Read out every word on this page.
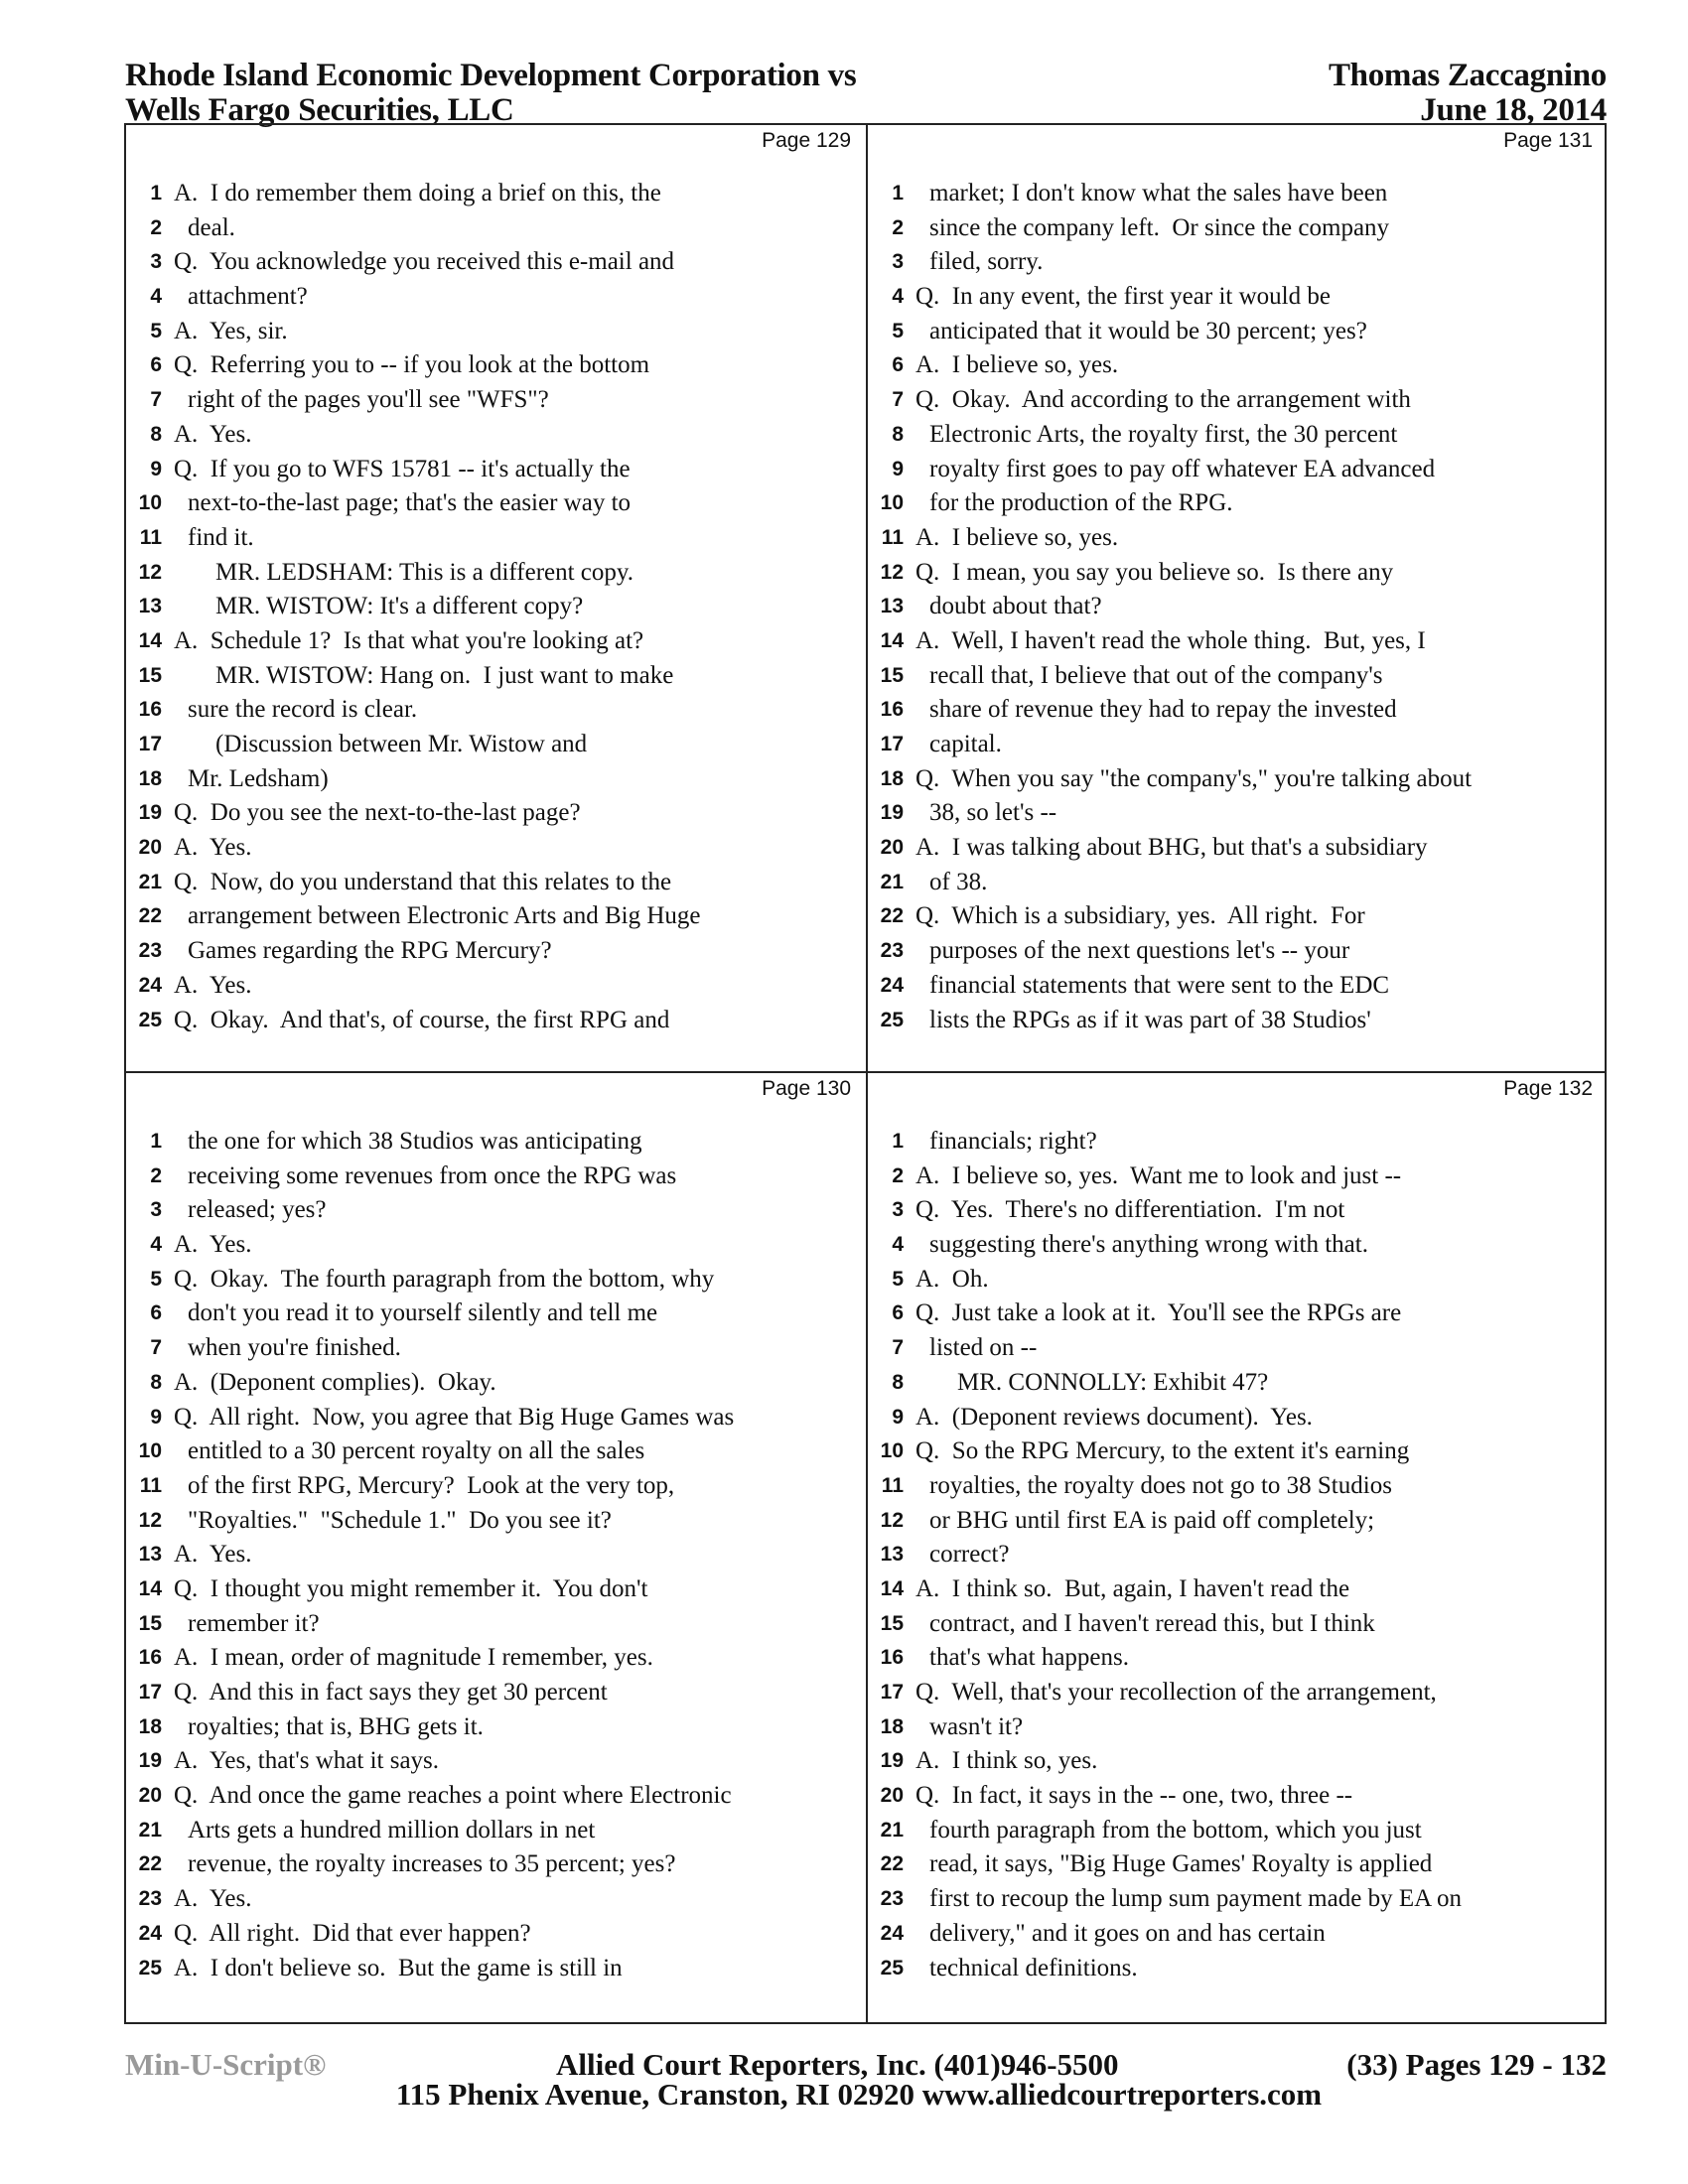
Rhode Island Economic Development Corporation vs
Wells Fargo Securities, LLC
Thomas Zaccagnino
June 18, 2014
Page 129
1 A.  I do remember them doing a brief on this, the
2 deal.
3 Q.  You acknowledge you received this e-mail and
4 attachment?
5 A.  Yes, sir.
6 Q.  Referring you to -- if you look at the bottom
7 right of the pages you'll see "WFS"?
8 A.  Yes.
9 Q.  If you go to WFS 15781 -- it's actually the
10 next-to-the-last page; that's the easier way to
11 find it.
12 MR. LEDSHAM: This is a different copy.
13 MR. WISTOW: It's a different copy?
14 A.  Schedule 1?  Is that what you're looking at?
15 MR. WISTOW: Hang on.  I just want to make
16 sure the record is clear.
17 (Discussion between Mr. Wistow and
18 Mr. Ledsham)
19 Q.  Do you see the next-to-the-last page?
20 A.  Yes.
21 Q.  Now, do you understand that this relates to the
22 arrangement between Electronic Arts and Big Huge
23 Games regarding the RPG Mercury?
24 A.  Yes.
25 Q.  Okay.  And that's, of course, the first RPG and
Page 131
1 market; I don't know what the sales have been
2 since the company left.  Or since the company
3 filed, sorry.
4 Q.  In any event, the first year it would be
5 anticipated that it would be 30 percent; yes?
6 A.  I believe so, yes.
7 Q.  Okay.  And according to the arrangement with
8 Electronic Arts, the royalty first, the 30 percent
9 royalty first goes to pay off whatever EA advanced
10 for the production of the RPG.
11 A.  I believe so, yes.
12 Q.  I mean, you say you believe so.  Is there any
13 doubt about that?
14 A.  Well, I haven't read the whole thing.  But, yes, I
15 recall that, I believe that out of the company's
16 share of revenue they had to repay the invested
17 capital.
18 Q.  When you say "the company's," you're talking about
19 38, so let's --
20 A.  I was talking about BHG, but that's a subsidiary
21 of 38.
22 Q.  Which is a subsidiary, yes.  All right.  For
23 purposes of the next questions let's -- your
24 financial statements that were sent to the EDC
25 lists the RPGs as if it was part of 38 Studios'
Page 130
1 the one for which 38 Studios was anticipating
2 receiving some revenues from once the RPG was
3 released; yes?
4 A.  Yes.
5 Q.  Okay.  The fourth paragraph from the bottom, why
6 don't you read it to yourself silently and tell me
7 when you're finished.
8 A.  (Deponent complies).  Okay.
9 Q.  All right.  Now, you agree that Big Huge Games was
10 entitled to a 30 percent royalty on all the sales
11 of the first RPG, Mercury?  Look at the very top,
12 "Royalties."  "Schedule 1."  Do you see it?
13 A.  Yes.
14 Q.  I thought you might remember it.  You don't
15 remember it?
16 A.  I mean, order of magnitude I remember, yes.
17 Q.  And this in fact says they get 30 percent
18 royalties; that is, BHG gets it.
19 A.  Yes, that's what it says.
20 Q.  And once the game reaches a point where Electronic
21 Arts gets a hundred million dollars in net
22 revenue, the royalty increases to 35 percent; yes?
23 A.  Yes.
24 Q.  All right.  Did that ever happen?
25 A.  I don't believe so.  But the game is still in
Page 132
1 financials; right?
2 A.  I believe so, yes.  Want me to look and just --
3 Q.  Yes.  There's no differentiation.  I'm not
4 suggesting there's anything wrong with that.
5 A.  Oh.
6 Q.  Just take a look at it.  You'll see the RPGs are
7 listed on --
8 MR. CONNOLLY: Exhibit 47?
9 A.  (Deponent reviews document).  Yes.
10 Q.  So the RPG Mercury, to the extent it's earning
11 royalties, the royalty does not go to 38 Studios
12 or BHG until first EA is paid off completely;
13 correct?
14 A.  I think so.  But, again, I haven't read the
15 contract, and I haven't reread this, but I think
16 that's what happens.
17 Q.  Well, that's your recollection of the arrangement,
18 wasn't it?
19 A.  I think so, yes.
20 Q.  In fact, it says in the -- one, two, three --
21 fourth paragraph from the bottom, which you just
22 read, it says, "Big Huge Games' Royalty is applied
23 first to recoup the lump sum payment made by EA on
24 delivery," and it goes on and has certain
25 technical definitions.
Min-U-Script®	Allied Court Reporters, Inc. (401)946-5500	(33) Pages 129 - 132
115 Phenix Avenue, Cranston, RI 02920 www.alliedcourtreporters.com
